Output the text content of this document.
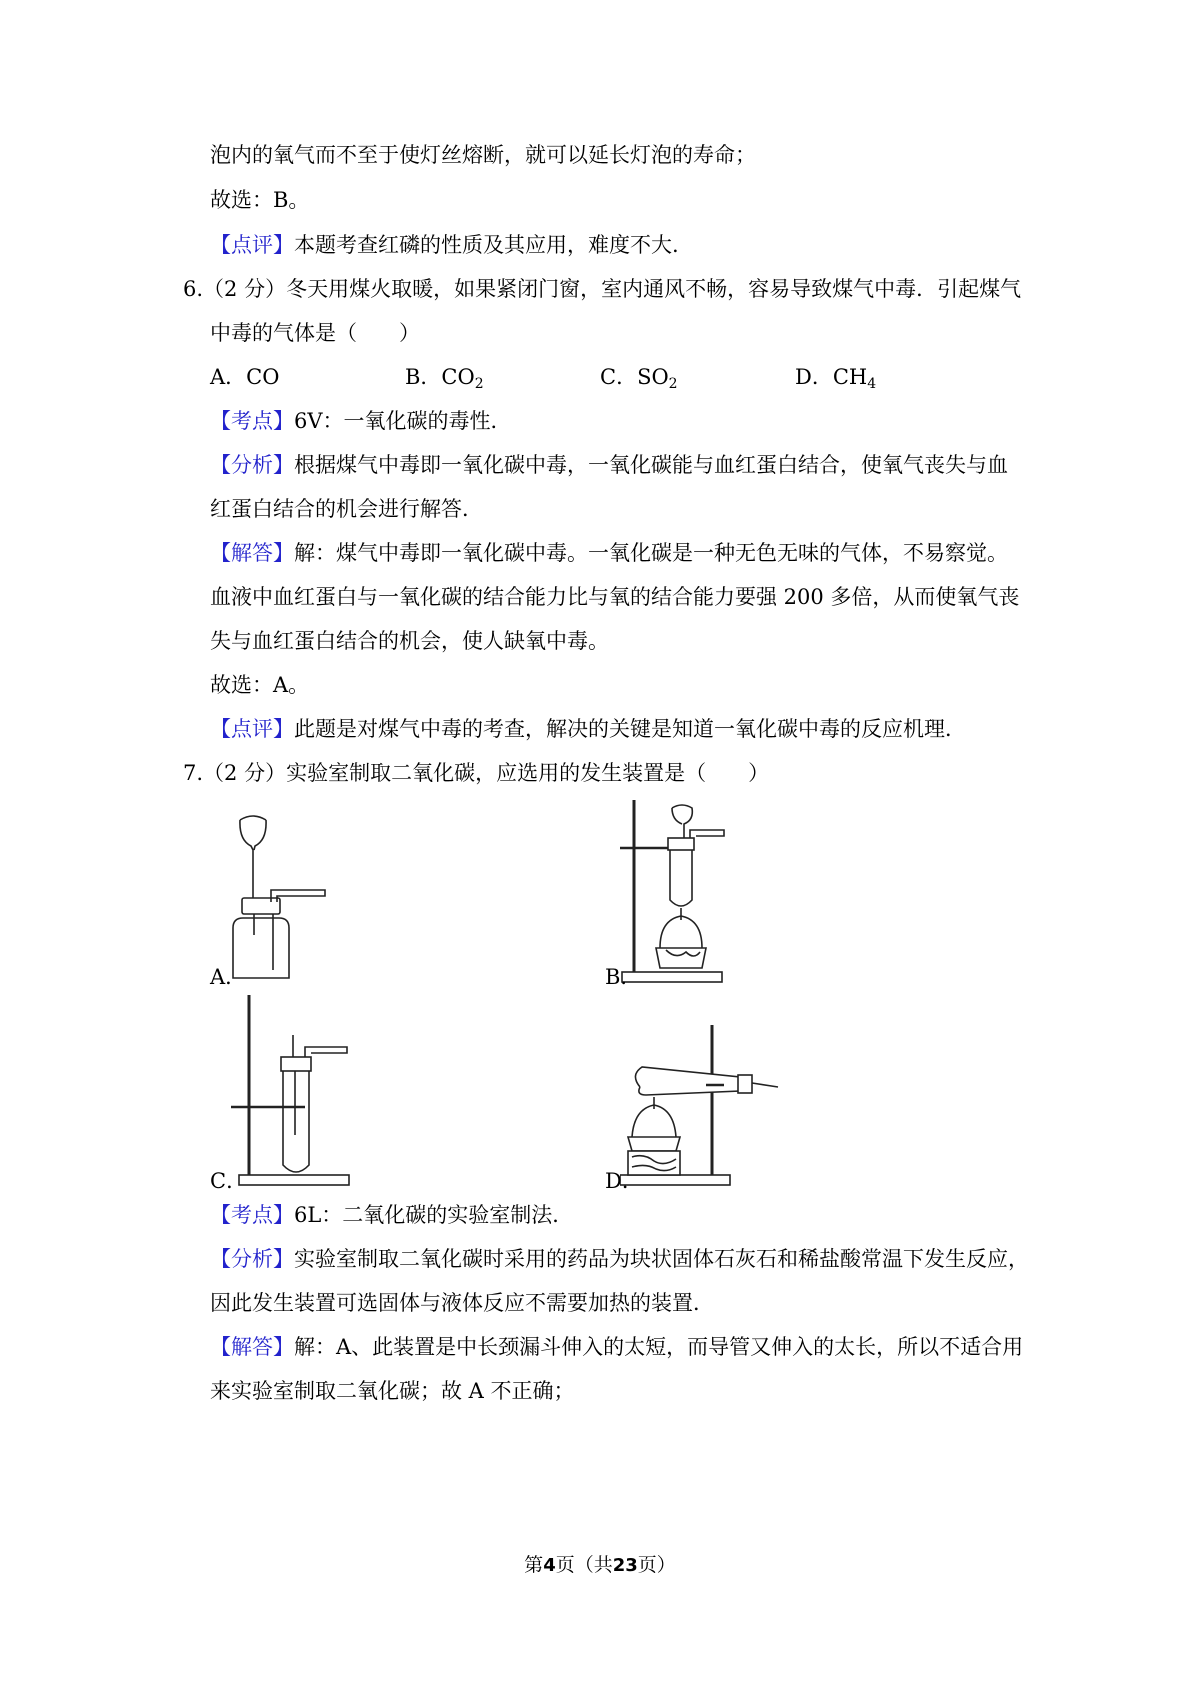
泡内的氧气而不至于使灯丝熔断，就可以延长灯泡的寿命；
故选：B。
【点评】本题考查红磷的性质及其应用，难度不大.
6.（2 分）冬天用煤火取暖，如果紧闭门窗，室内通风不畅，容易导致煤气中毒．引起煤气
中毒的气体是（　　）
A．CO	B．$CO_2$	C．$SO_2$	D．$CH_4$
【考点】6V：一氧化碳的毒性．
【分析】根据煤气中毒即一氧化碳中毒，一氧化碳能与血红蛋白结合，使氧气丧失与血
红蛋白结合的机会进行解答．
【解答】解：煤气中毒即一氧化碳中毒。一氧化碳是一种无色无味的气体，不易察觉。
血液中血红蛋白与一氧化碳的结合能力比与氧的结合能力要强 200 多倍，从而使氧气丧
失与血红蛋白结合的机会，使人缺氧中毒。
故选：A。
【点评】此题是对煤气中毒的考查，解决的关键是知道一氧化碳中毒的反应机理．
7.（2 分）实验室制取二氧化碳，应选用的发生装置是（　　）
A．	B．
C．	D．
【考点】6L：二氧化碳的实验室制法．
【分析】实验室制取二氧化碳时采用的药品为块状固体石灰石和稀盐酸常温下发生反应，
因此发生装置可选固体与液体反应不需要加热的装置．
【解答】解：A、此装置是中长颈漏斗伸入的太短，而导管又伸入的太长，所以不适合用
来实验室制取二氧化碳；故 A 不正确；
第4页（共23页）
